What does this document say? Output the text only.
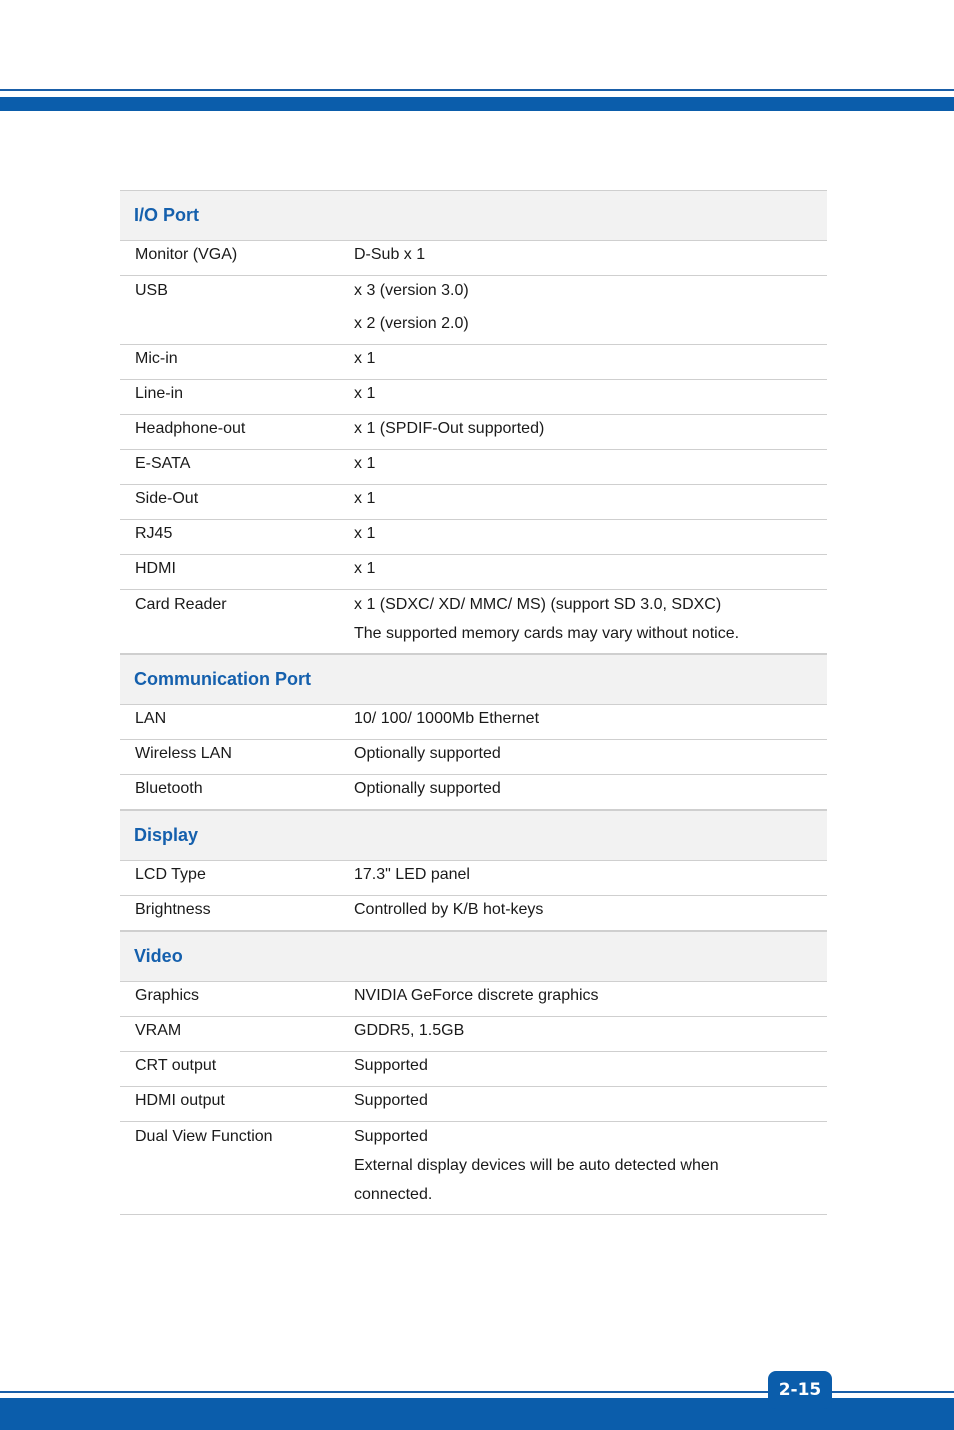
I/O Port
Monitor (VGA)	D-Sub x 1
USB	x 3 (version 3.0)
x 2 (version 2.0)
Mic-in	x 1
Line-in	x 1
Headphone-out	x 1 (SPDIF-Out supported)
E-SATA	x 1
Side-Out	x 1
RJ45	x 1
HDMI	x 1
Card Reader	x 1 (SDXC/ XD/ MMC/ MS) (support SD 3.0, SDXC)
The supported memory cards may vary without notice.
Communication Port
LAN	10/ 100/ 1000Mb Ethernet
Wireless LAN	Optionally supported
Bluetooth	Optionally supported
Display
LCD Type	17.3" LED panel
Brightness	Controlled by K/B hot-keys
Video
Graphics	NVIDIA GeForce discrete graphics
VRAM	GDDR5, 1.5GB
CRT output	Supported
HDMI output	Supported
Dual View Function	Supported
External display devices will be auto detected when
connected.
2-15
